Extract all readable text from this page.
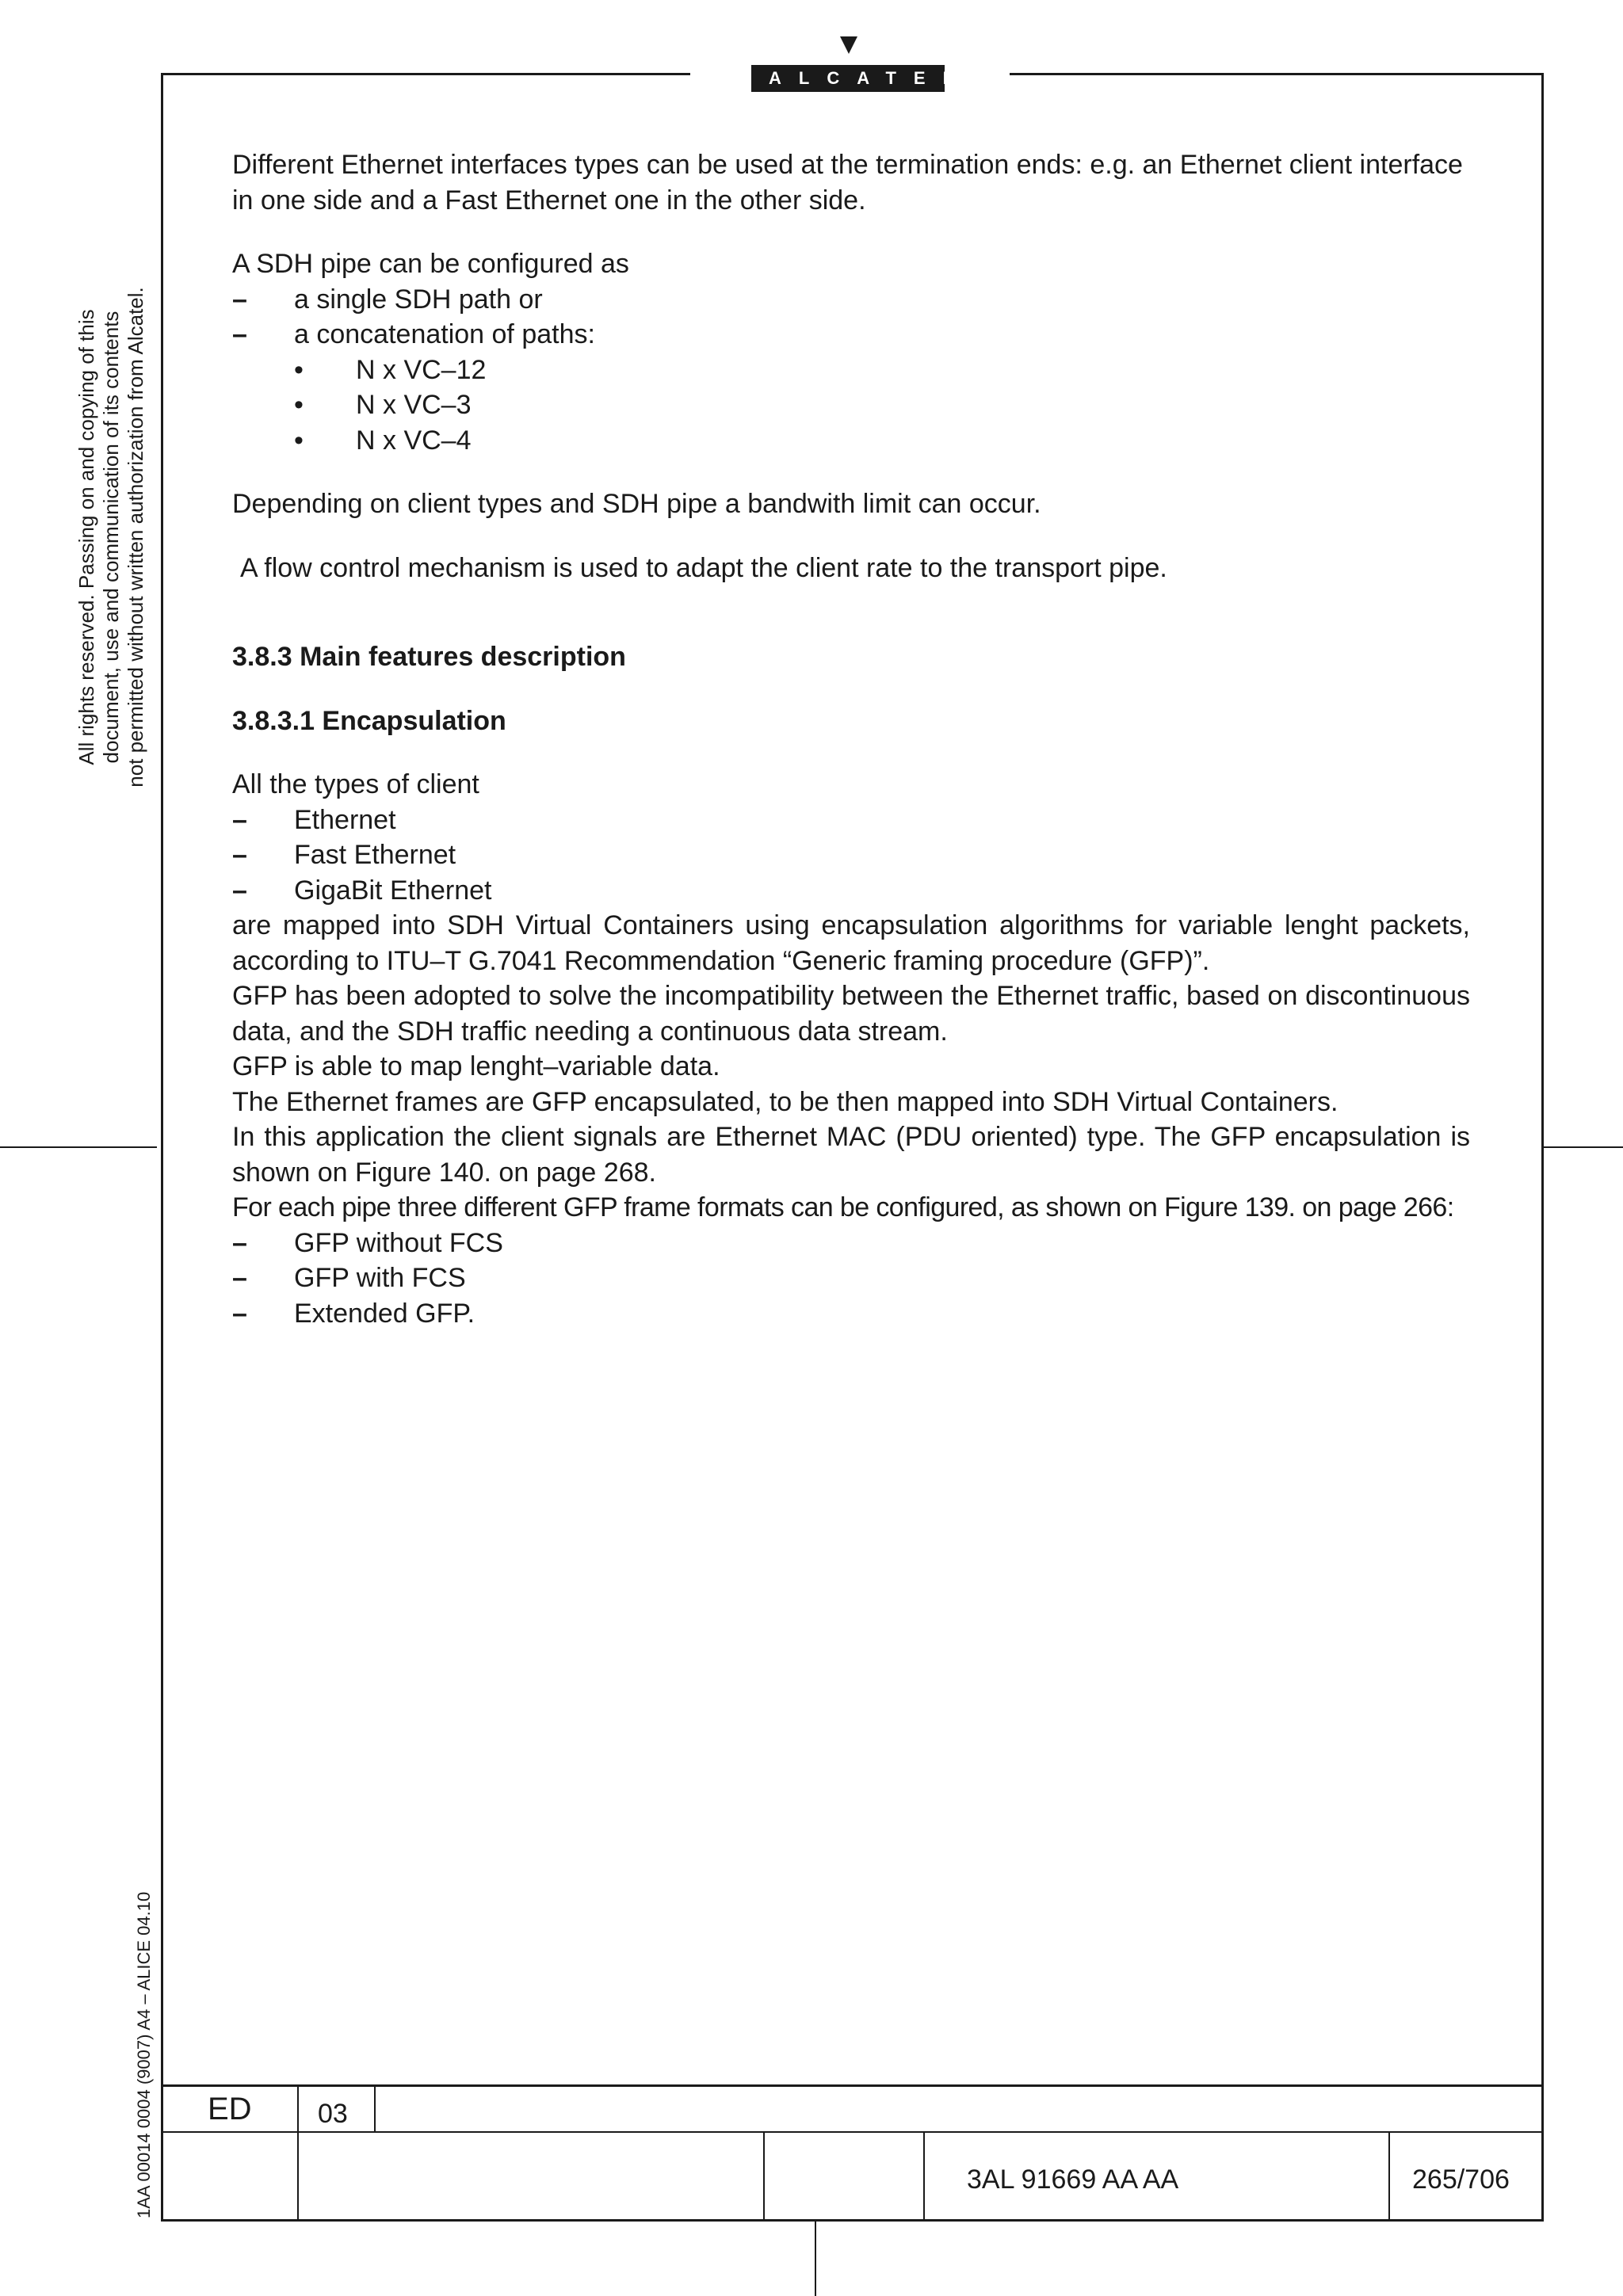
ALCATEL
All rights reserved. Passing on and copying of this document, use and communication of its contents not permitted without written authorization from Alcatel.
1AA 00014 0004 (9007) A4 – ALICE 04.10

Different Ethernet interfaces types can be used at the termination ends: e.g. an Ethernet client interface in one side and a Fast Ethernet one in the other side.

A SDH pipe can be configured as

– a single SDH path or

– a concatenation of paths:

• N x VC–12

• N x VC–3

• N x VC–4

Depending on client types and SDH pipe a bandwith limit can occur.

A flow control mechanism is used to adapt the client rate to the transport pipe.

3.8.3 Main features description

3.8.3.1 Encapsulation

All the types of client

– Ethernet

– Fast Ethernet

– GigaBit Ethernet

are mapped into SDH Virtual Containers using encapsulation algorithms for variable lenght packets, according to ITU–T G.7041 Recommendation “Generic framing procedure (GFP)”.

GFP has been adopted to solve the incompatibility between the Ethernet traffic, based on discontinuous data, and the SDH traffic needing a continuous data stream.

GFP is able to map lenght–variable data.

The Ethernet frames are GFP encapsulated, to be then mapped into SDH Virtual Containers.

In this application the client signals are Ethernet MAC (PDU oriented) type. The GFP encapsulation is shown on Figure 140. on page 268.

For each pipe three different GFP frame formats can be configured, as shown on Figure 139. on page 266:

– GFP without FCS

– GFP with FCS

– Extended GFP.

ED 03
3AL 91669 AA AA	265/706
